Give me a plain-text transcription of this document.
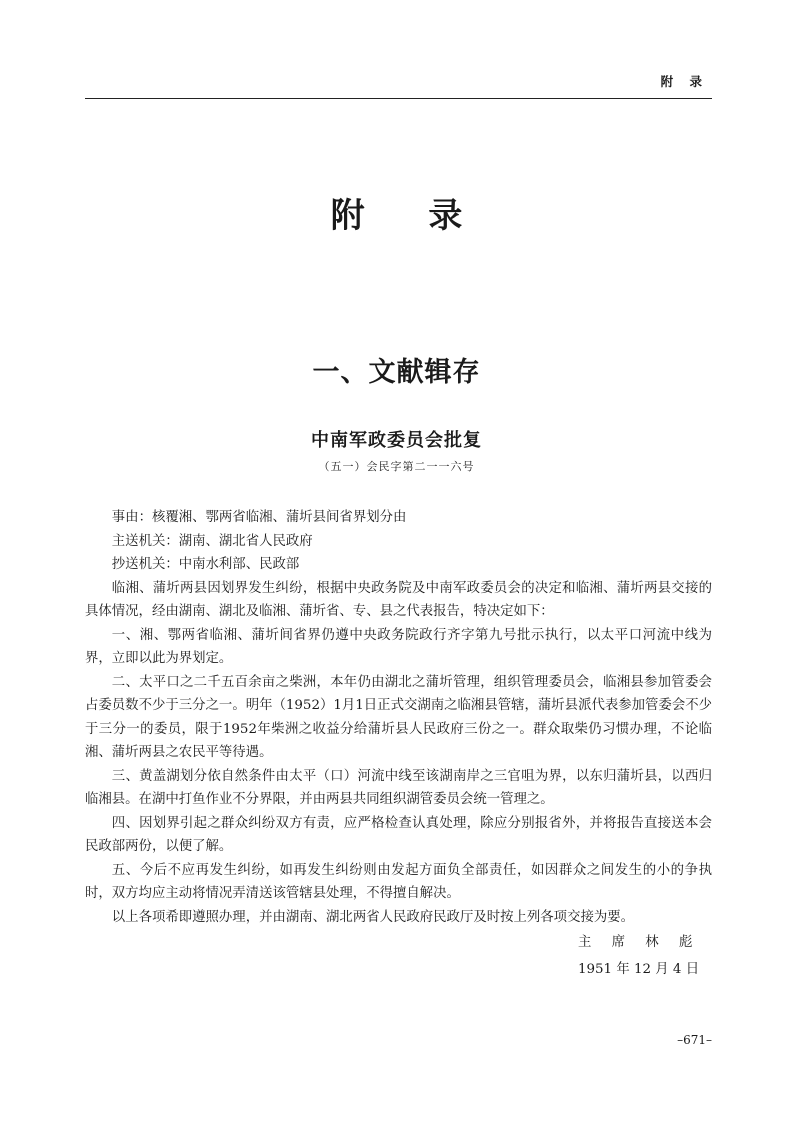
附 录
附 录
一、文献辑存
中南军政委员会批复
（五一）会民字第二一一六号

事由：核覆湘、鄂两省临湘、蒲圻县间省界划分由

主送机关：湖南、湖北省人民政府

抄送机关：中南水利部、民政部

临湘、蒲圻两县因划界发生纠纷，根据中央政务院及中南军政委员会的决定和临湘、蒲圻两县交接的具体情况，经由湖南、湖北及临湘、蒲圻省、专、县之代表报告，特决定如下：

一、湘、鄂两省临湘、蒲圻间省界仍遵中央政务院政行齐字第九号批示执行，以太平口河流中线为界，立即以此为界划定。

二、太平口之二千五百余亩之柴洲，本年仍由湖北之蒲圻管理，组织管理委员会，临湘县参加管委会占委员数不少于三分之一。明年（1952）1月1日正式交湖南之临湘县管辖，蒲圻县派代表参加管委会不少于三分一的委员，限于1952年柴洲之收益分给蒲圻县人民政府三份之一。群众取柴仍习惯办理，不论临湘、蒲圻两县之农民平等待遇。

三、黄盖湖划分依自然条件由太平（口）河流中线至该湖南岸之三官咀为界，以东归蒲圻县，以西归临湘县。在湖中打鱼作业不分界限，并由两县共同组织湖管委员会统一管理之。

四、因划界引起之群众纠纷双方有责，应严格检查认真处理，除应分别报省外，并将报告直接送本会民政部两份，以便了解。

五、今后不应再发生纠纷，如再发生纠纷则由发起方面负全部责任，如因群众之间发生的小的争执时，双方均应主动将情况弄清送该管辖县处理，不得擅自解决。

以上各项希即遵照办理，并由湖南、湖北两省人民政府民政厅及时按上列各项交接为要。

主 席 林 彪
1951 年 12 月 4 日
–671–
